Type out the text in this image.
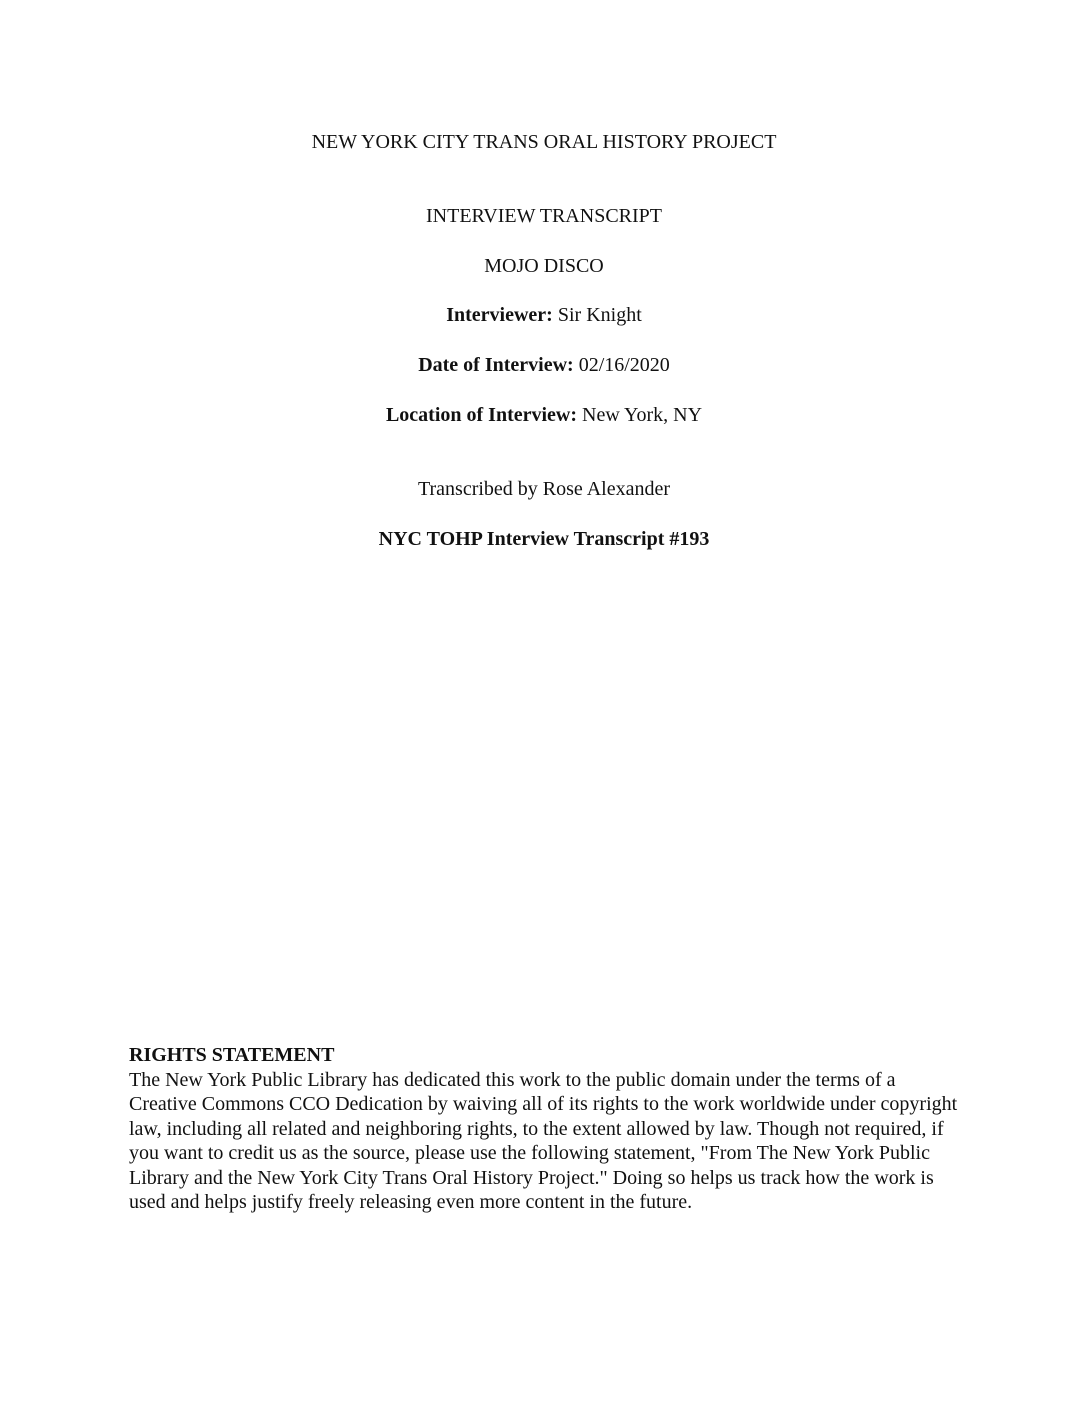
NEW YORK CITY TRANS ORAL HISTORY PROJECT
INTERVIEW TRANSCRIPT
MOJO DISCO
Interviewer: Sir Knight
Date of Interview: 02/16/2020
Location of Interview: New York, NY
Transcribed by Rose Alexander
NYC TOHP Interview Transcript #193
RIGHTS STATEMENT
The New York Public Library has dedicated this work to the public domain under the terms of a Creative Commons CCO Dedication by waiving all of its rights to the work worldwide under copyright law, including all related and neighboring rights, to the extent allowed by law. Though not required, if you want to credit us as the source, please use the following statement, "From The New York Public Library and the New York City Trans Oral History Project." Doing so helps us track how the work is used and helps justify freely releasing even more content in the future.
